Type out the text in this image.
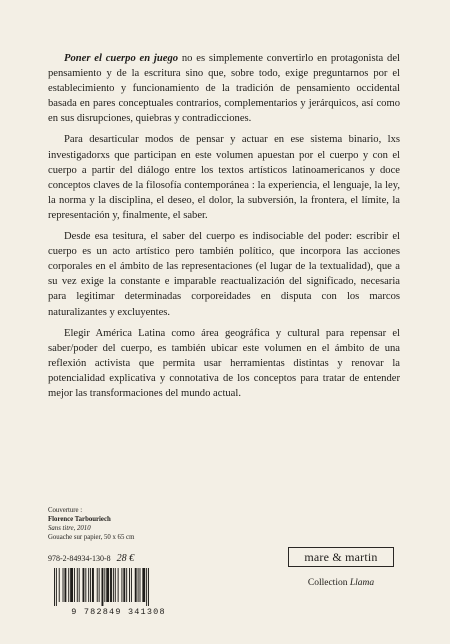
Poner el cuerpo en juego no es simplemente convertirlo en protagonista del pensamiento y de la escritura sino que, sobre todo, exige preguntarnos por el establecimiento y funcionamiento de la tradición de pensamiento occidental basada en pares conceptuales contrarios, complementarios y jerárquicos, así como en sus disrupciones, quiebras y contradicciones.

Para desarticular modos de pensar y actuar en ese sistema binario, lxs investigadorxs que participan en este volumen apuestan por el cuerpo y con el cuerpo a partir del diálogo entre los textos artísticos latinoamericanos y doce conceptos claves de la filosofía contemporánea : la experiencia, el lenguaje, la ley, la norma y la disciplina, el deseo, el dolor, la subversión, la frontera, el límite, la representación y, finalmente, el saber.

Desde esa tesitura, el saber del cuerpo es indisociable del poder: escribir el cuerpo es un acto artístico pero también político, que incorpora las acciones corporales en el ámbito de las representaciones (el lugar de la textualidad), que a su vez exige la constante e imparable reactualización del significado, necesaria para legitimar determinadas corporeidades en disputa con los marcos naturalizantes y excluyentes.

Elegir América Latina como área geográfica y cultural para repensar el saber/poder del cuerpo, es también ubicar este volumen en el ámbito de una reflexión activista que permita usar herramientas distintas y renovar la potencialidad explicativa y connotativa de los conceptos para tratar de entender mejor las transformaciones del mundo actual.

Couverture :
Florence Tarbouriech
Sans titre, 2010
Gouache sur papier, 50 x 65 cm
978-2-84934-130-8 28 €
9 782849 341308
mare & martin
Collection Llama
